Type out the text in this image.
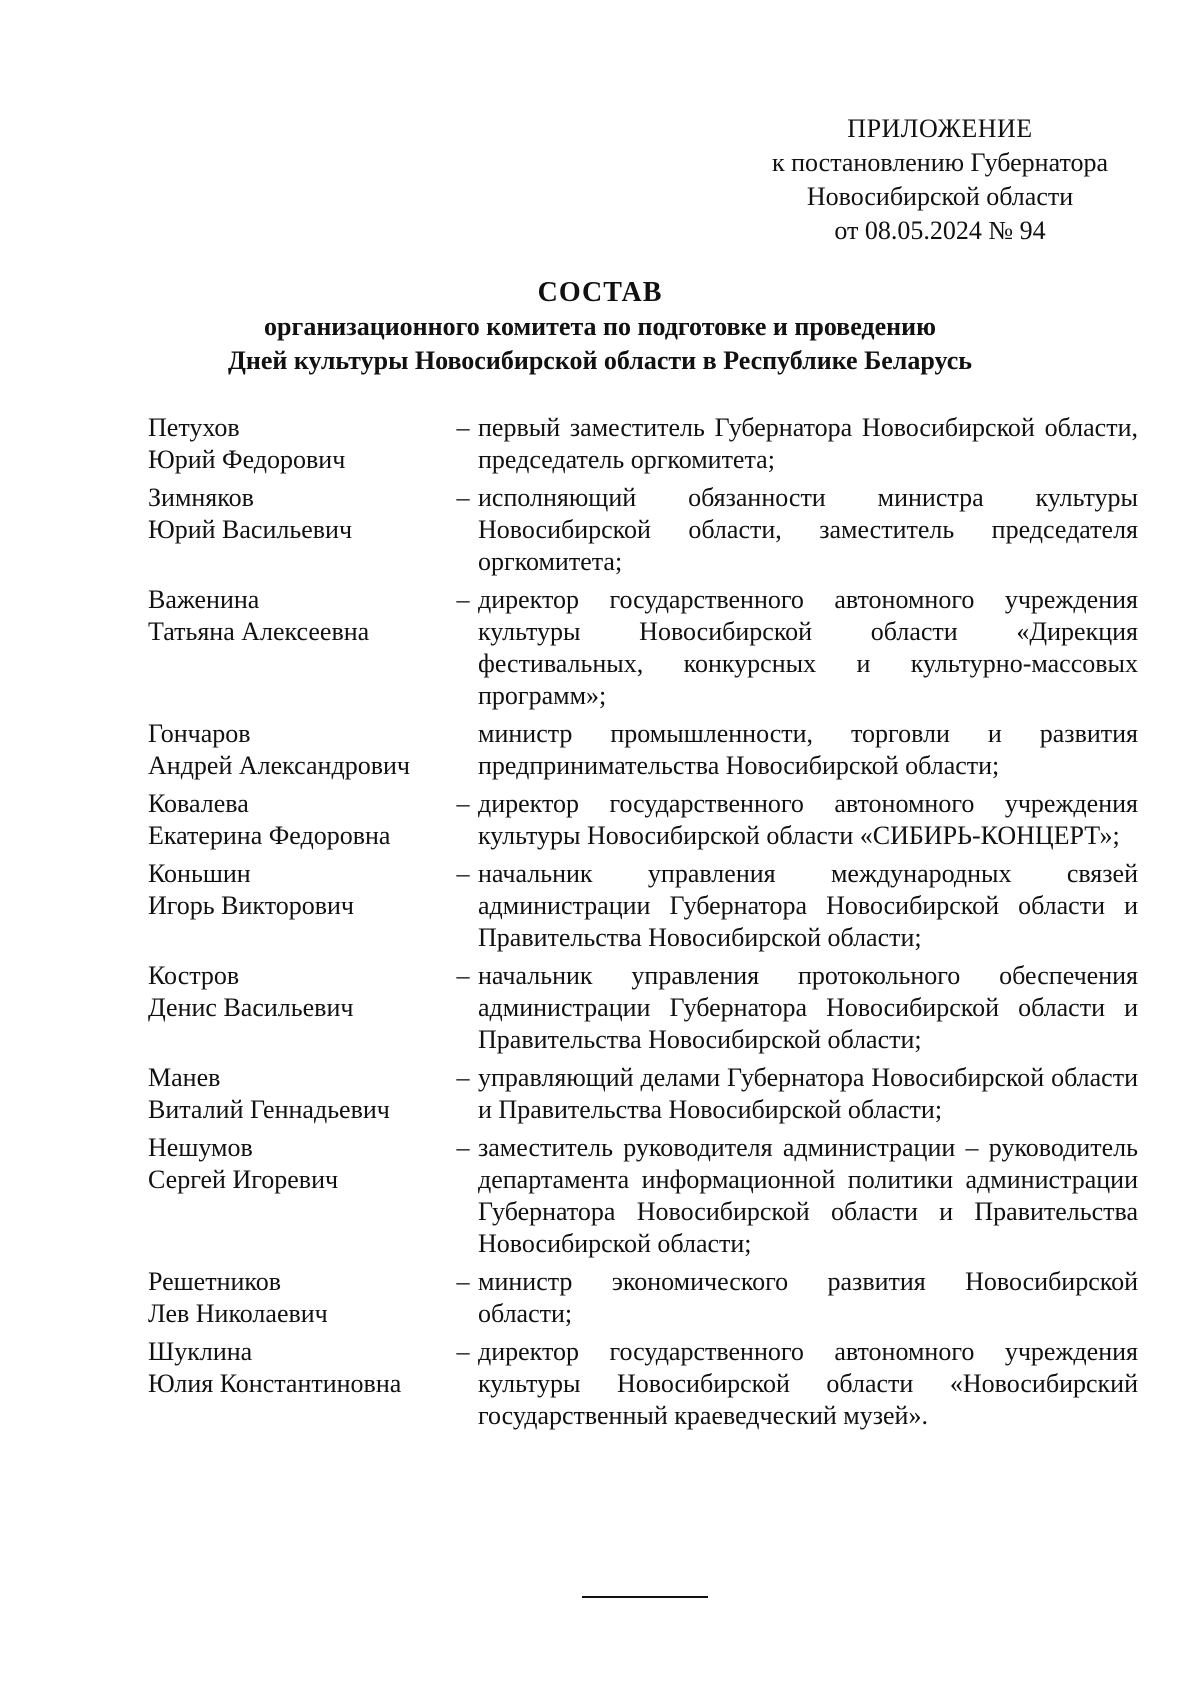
ПРИЛОЖЕНИЕ
к постановлению Губернатора
Новосибирской области
от 08.05.2024 № 94
СОСТАВ
организационного комитета по подготовке и проведению
Дней культуры Новосибирской области в Республике Беларусь
Петухов
Юрий Федорович
– первый заместитель Губернатора Новосибирской области, председатель оргкомитета;
Зимняков
Юрий Васильевич
– исполняющий обязанности министра культуры Новосибирской области, заместитель председателя оргкомитета;
Важенина
Татьяна Алексеевна
– директор государственного автономного учреждения культуры Новосибирской области «Дирекция фестивальных, конкурсных и культурно-массовых программ»;
Гончаров
Андрей Александрович
министр промышленности, торговли и развития предпринимательства Новосибирской области;
Ковалева
Екатерина Федоровна
– директор государственного автономного учреждения культуры Новосибирской области «СИБИРЬ-КОНЦЕРТ»;
Коньшин
Игорь Викторович
– начальник управления международных связей администрации Губернатора Новосибирской области и Правительства Новосибирской области;
Костров
Денис Васильевич
– начальник управления протокольного обеспечения администрации Губернатора Новосибирской области и Правительства Новосибирской области;
Манев
Виталий Геннадьевич
– управляющий делами Губернатора Новосибирской области и Правительства Новосибирской области;
Нешумов
Сергей Игоревич
– заместитель руководителя администрации – руководитель департамента информационной политики администрации Губернатора Новосибирской области и Правительства Новосибирской области;
Решетников
Лев Николаевич
– министр экономического развития Новосибирской области;
Шуклина
Юлия Константиновна
– директор государственного автономного учреждения культуры Новосибирской области «Новосибирский государственный краеведческий музей».
